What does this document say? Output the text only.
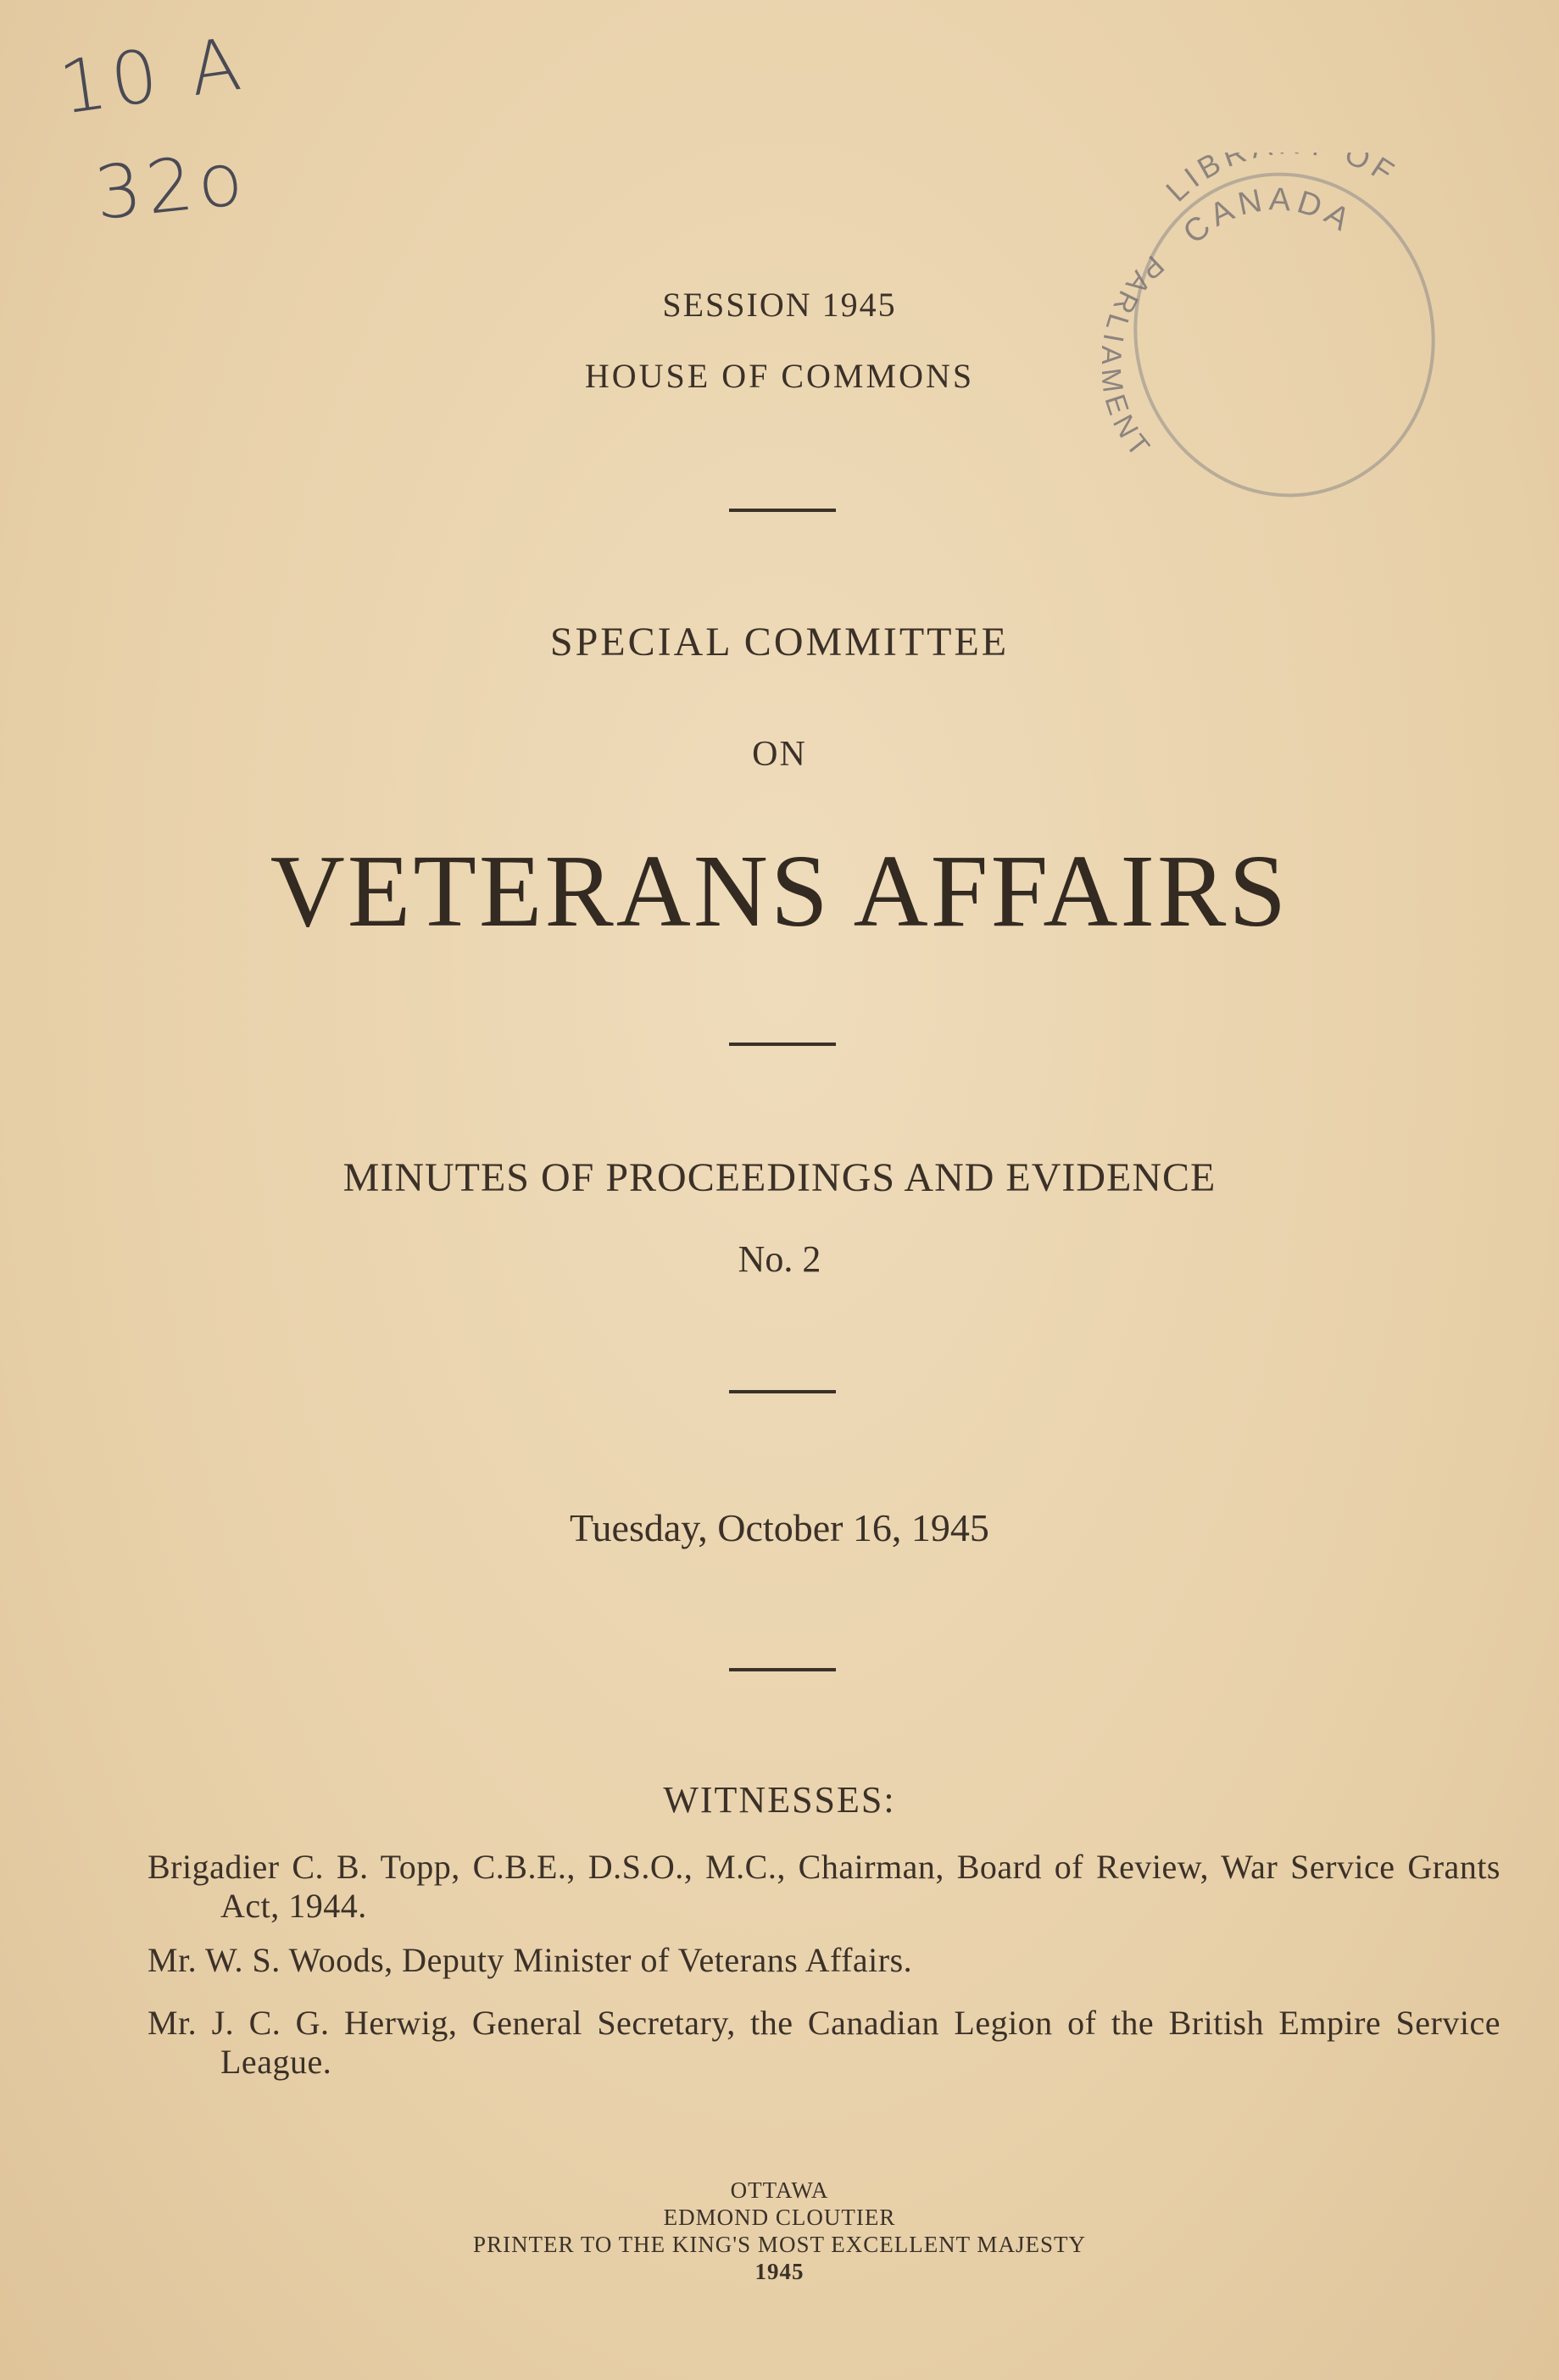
10 A
32o	LIBR OF
CANADA
PAR NT
SESSION 1945
HOUSE OF COMMONS
SPECIAL COMMITTEE
ON
VETERANS AFFAIRS
MINUTES OF PROCEEDINGS AND EVIDENCE
No. 2
Tuesday, October 16, 1945
WITNESSES:
Brigadier C. B. Topp, C.B.E., D.S.O., M.C., Chairman, Board of Review, War Service Grants Act, 1944.
Mr. W. S. Woods, Deputy Minister of Veterans Affairs.
Mr. J. C. G. Herwig, General Secretary, the Canadian Legion of the British Empire Service League.
OTTAWA
EDMOND CLOUTIER
PRINTER TO THE KING'S MOST EXCELLENT MAJESTY
1945
